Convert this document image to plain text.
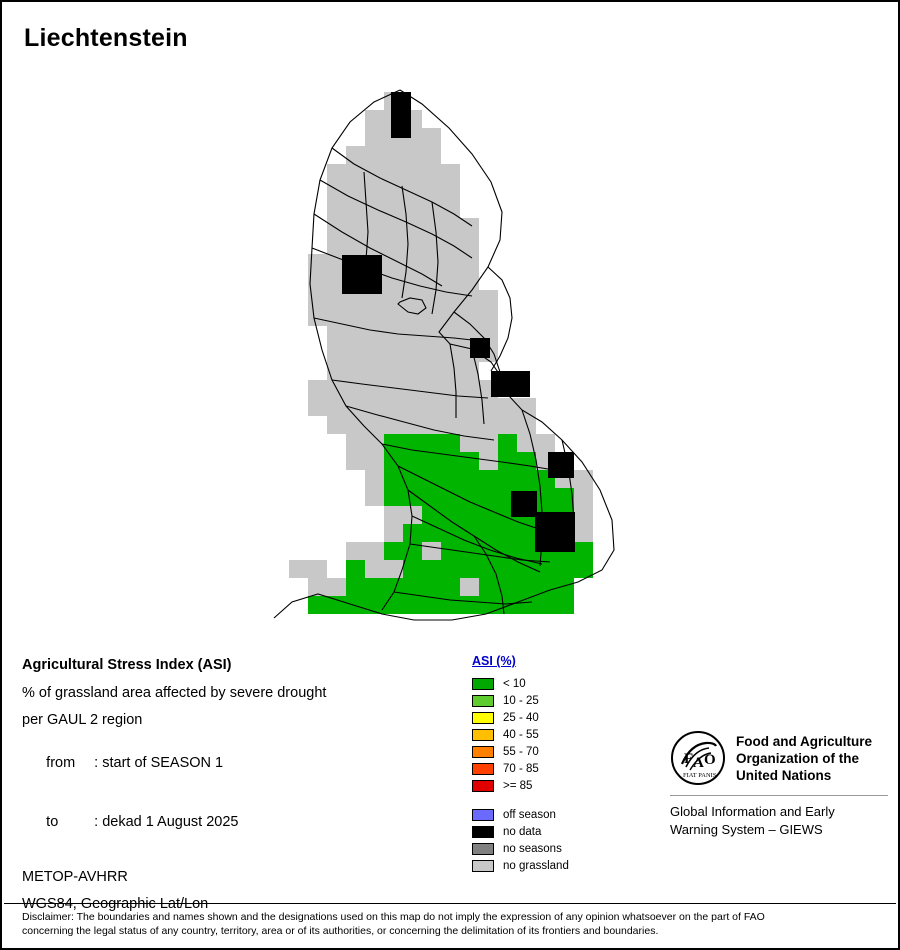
Liechtenstein
Agricultural Stress Index (ASI)
% of grassland area affected by severe drought
per GAUL 2 region

from : start of SEASON 1

to : dekad 1 August 2025

METOP-AVHRR
WGS84, Geographic Lat/Lon
ASI (%)
< 10
10 - 25
25 - 40
40 - 55
55 - 70
70 - 85
>= 85
off season
no data
no seasons
no grassland
F A O
FIAT PANIS
Food and Agriculture
Organization of the
United Nations
Global Information and Early
Warning System – GIEWS
Disclaimer: The boundaries and names shown and the designations used on this map do not imply the expression of any opinion whatsoever on the part of FAO
concerning the legal status of any country, territory, area or of its authorities, or concerning the delimitation of its frontiers and boundaries.
